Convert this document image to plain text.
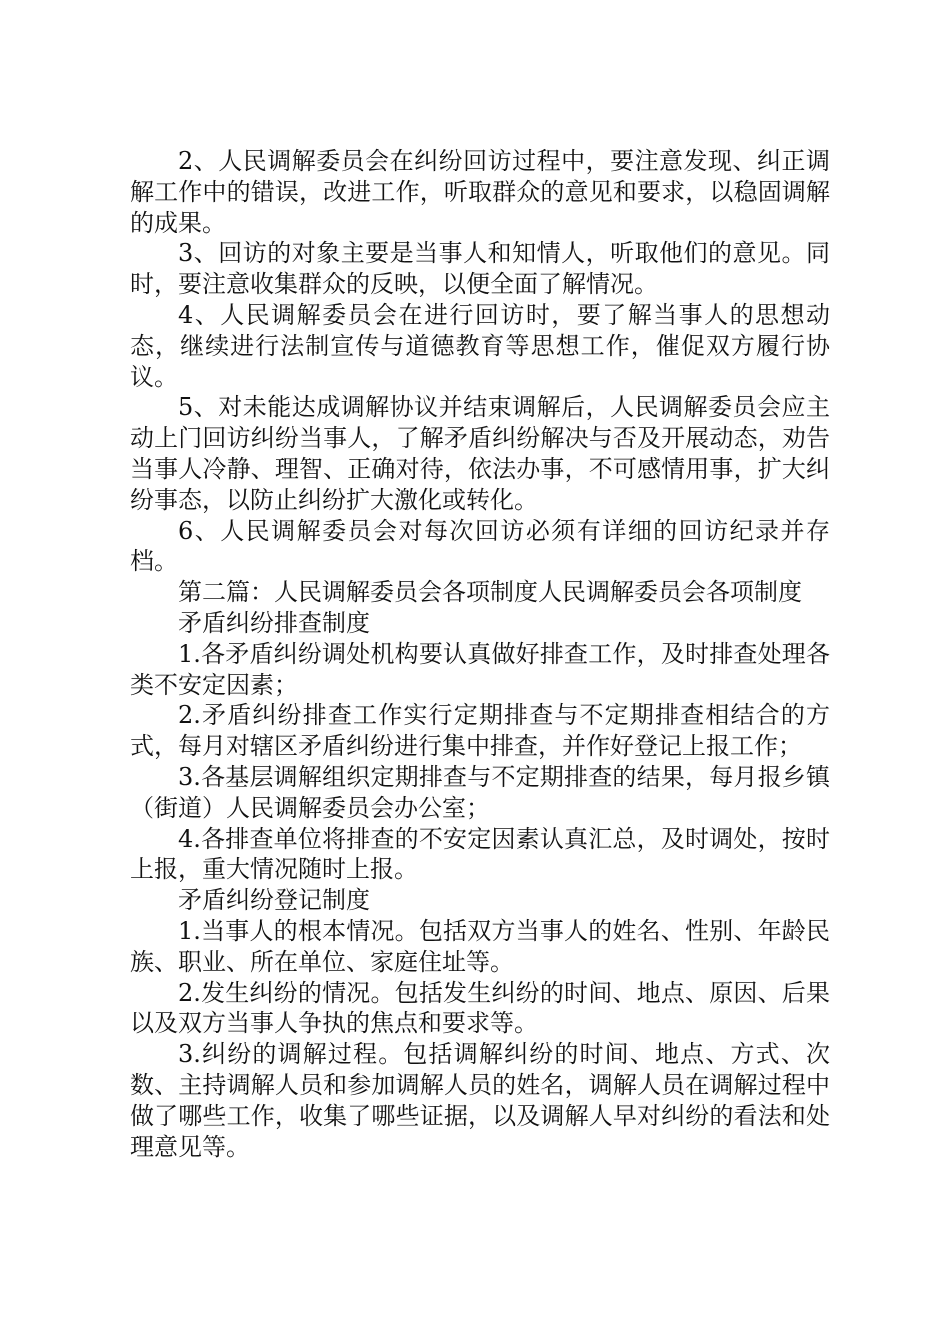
2、人民调解委员会在纠纷回访过程中，要注意发现、纠正调解工作中的错误，改进工作，听取群众的意见和要求，以稳固调解的成果。

3、回访的对象主要是当事人和知情人，听取他们的意见。同时，要注意收集群众的反映，以便全面了解情况。

4、人民调解委员会在进行回访时，要了解当事人的思想动态，继续进行法制宣传与道德教育等思想工作，催促双方履行协议。

5、对未能达成调解协议并结束调解后，人民调解委员会应主动上门回访纠纷当事人，了解矛盾纠纷解决与否及开展动态，劝告当事人冷静、理智、正确对待，依法办事，不可感情用事，扩大纠纷事态，以防止纠纷扩大激化或转化。

6、人民调解委员会对每次回访必须有详细的回访纪录并存档。

第二篇：人民调解委员会各项制度人民调解委员会各项制度

矛盾纠纷排查制度

1.各矛盾纠纷调处机构要认真做好排查工作，及时排查处理各类不安定因素；

2.矛盾纠纷排查工作实行定期排查与不定期排查相结合的方式，每月对辖区矛盾纠纷进行集中排查，并作好登记上报工作；

3.各基层调解组织定期排查与不定期排查的结果，每月报乡镇（街道）人民调解委员会办公室；

4.各排查单位将排查的不安定因素认真汇总，及时调处，按时上报，重大情况随时上报。

矛盾纠纷登记制度

1.当事人的根本情况。包括双方当事人的姓名、性别、年龄民族、职业、所在单位、家庭住址等。

2.发生纠纷的情况。包括发生纠纷的时间、地点、原因、后果以及双方当事人争执的焦点和要求等。

3.纠纷的调解过程。包括调解纠纷的时间、地点、方式、次数、主持调解人员和参加调解人员的姓名，调解人员在调解过程中做了哪些工作，收集了哪些证据，以及调解人早对纠纷的看法和处理意见等。
